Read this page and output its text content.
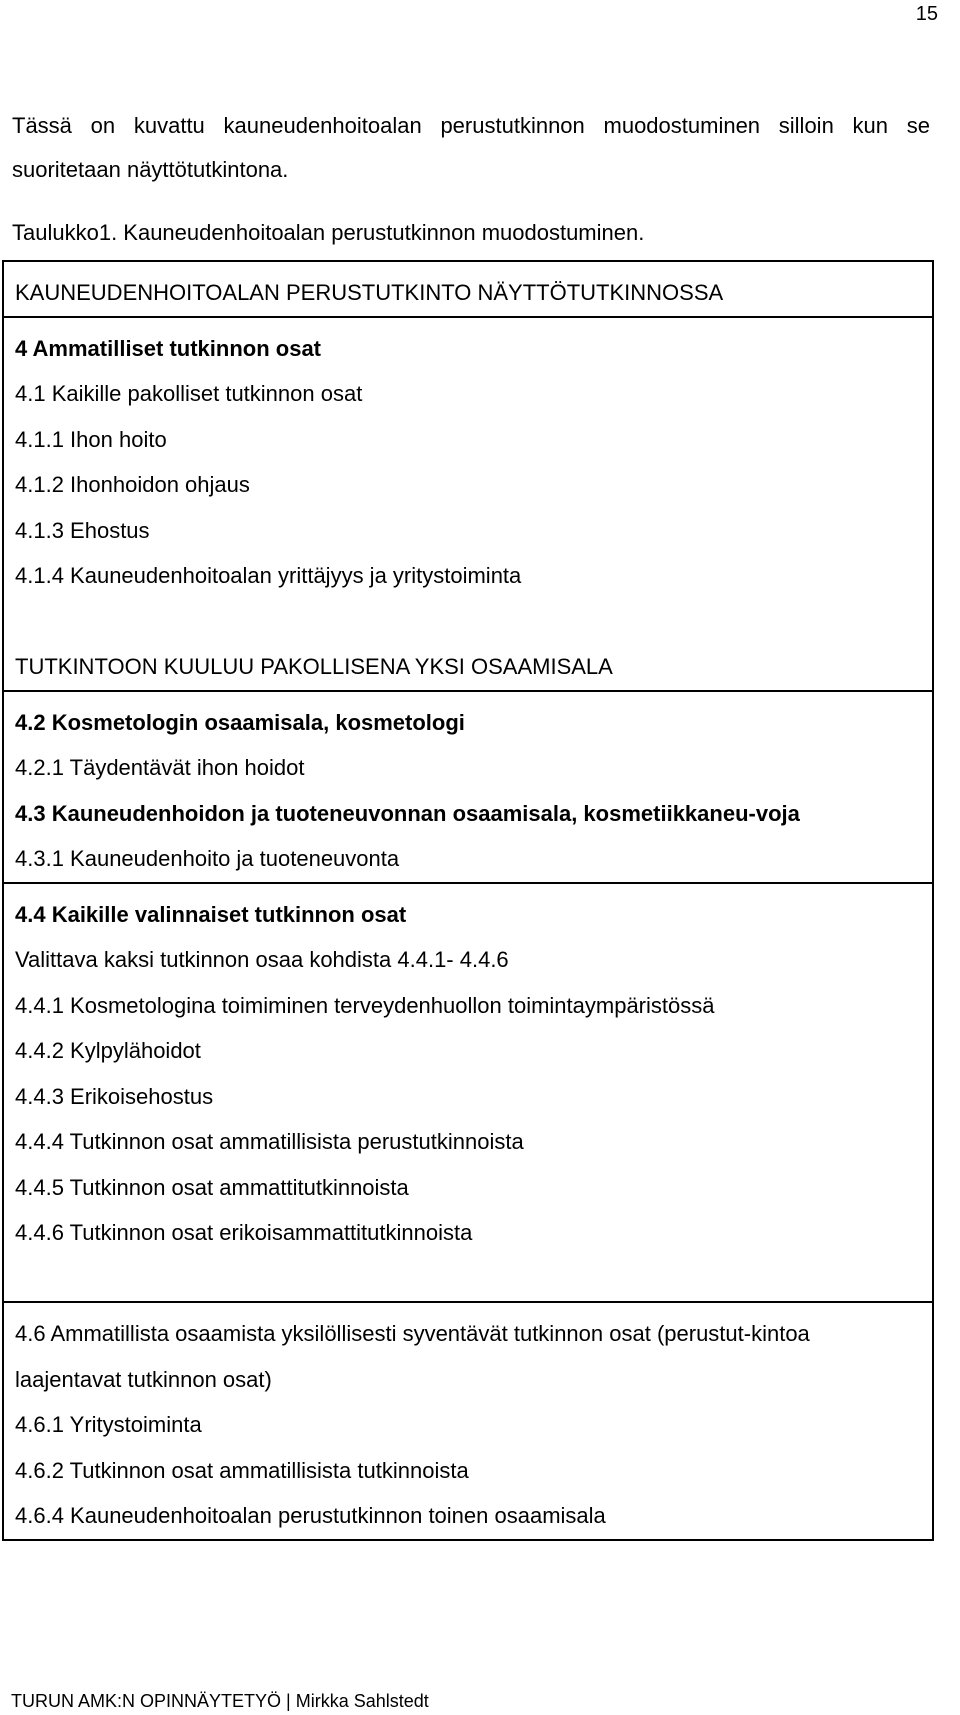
15
Tässä on kuvattu kauneudenhoitoalan perustutkinnon muodostuminen silloin kun se suoritetaan näyttötutkintona.
Taulukko1. Kauneudenhoitoalan perustutkinnon muodostuminen.
KAUNEUDENHOITOALAN PERUSTUTKINTO NÄYTTÖTUTKINNOSSA

4 Ammatilliset tutkinnon osat
4.1 Kaikille pakolliset tutkinnon osat
4.1.1 Ihon hoito
4.1.2 Ihonhoidon ohjaus
4.1.3 Ehostus
4.1.4 Kauneudenhoitoalan yrittäjyys ja yritystoiminta
TUTKINTOON KUULUU PAKOLLISENA YKSI OSAAMISALA

4.2 Kosmetologin osaamisala, kosmetologi
4.2.1 Täydentävät ihon hoidot
4.3 Kauneudenhoidon ja tuoteneuvonnan osaamisala, kosmetiikkaneu-voja
4.3.1 Kauneudenhoito ja tuoteneuvonta

4.4 Kaikille valinnaiset tutkinnon osat
Valittava kaksi tutkinnon osaa kohdista 4.4.1- 4.4.6
4.4.1 Kosmetologina toimiminen terveydenhuollon toimintaympäristössä
4.4.2 Kylpylähoidot
4.4.3 Erikoisehostus
4.4.4 Tutkinnon osat ammatillisista perustutkinnoista
4.4.5 Tutkinnon osat ammattitutkinnoista
4.4.6 Tutkinnon osat erikoisammattitutkinnoista

4.6 Ammatillista osaamista yksilöllisesti syventävät tutkinnon osat (perustut-kintoa laajentavat tutkinnon osat)
4.6.1 Yritystoiminta
4.6.2 Tutkinnon osat ammatillisista tutkinnoista
4.6.4 Kauneudenhoitoalan perustutkinnon toinen osaamisala
TURUN AMK:N OPINNÄYTETYÖ | Mirkka Sahlstedt
